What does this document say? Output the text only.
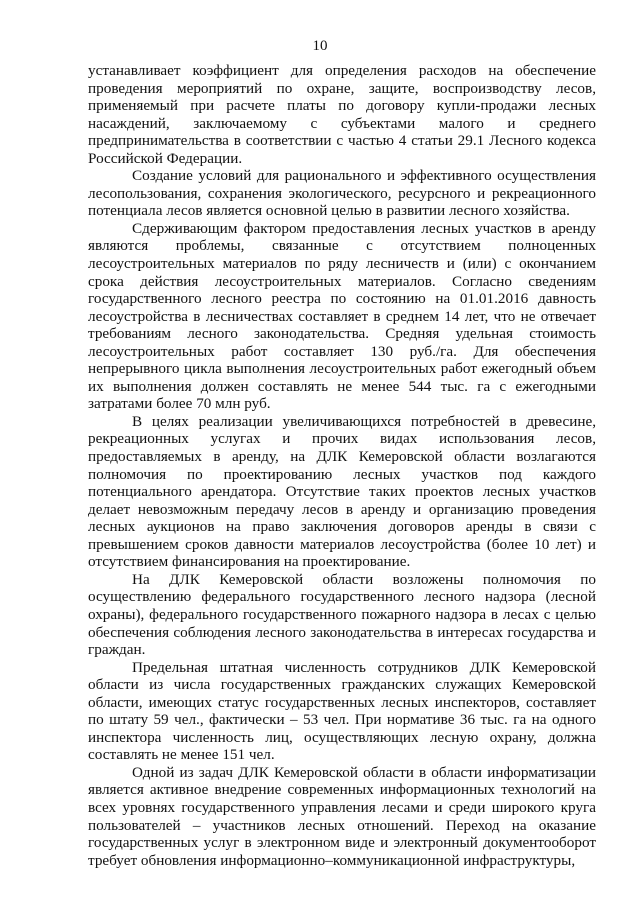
10

устанавливает коэффициент для определения расходов на обеспечение проведения мероприятий по охране, защите, воспроизводству лесов, применяемый при расчете платы по договору купли-продажи лесных насаждений, заключаемому с субъектами малого и среднего предпринимательства в соответствии с частью 4 статьи 29.1 Лесного кодекса Российской Федерации.

Создание условий для рационального и эффективного осуществления лесопользования, сохранения экологического, ресурсного и рекреационного потенциала лесов является основной целью в развитии лесного хозяйства.

Сдерживающим фактором предоставления лесных участков в аренду являются проблемы, связанные с отсутствием полноценных лесоустроительных материалов по ряду лесничеств и (или) с окончанием срока действия лесоустроительных материалов. Согласно сведениям государственного лесного реестра по состоянию на 01.01.2016 давность лесоустройства в лесничествах составляет в среднем 14 лет, что не отвечает требованиям лесного законодательства. Средняя удельная стоимость лесоустроительных работ составляет 130 руб./га. Для обеспечения непрерывного цикла выполнения лесоустроительных работ ежегодный объем их выполнения должен составлять не менее 544 тыс. га с ежегодными затратами более 70 млн руб.

В целях реализации увеличивающихся потребностей в древесине, рекреационных услугах и прочих видах использования лесов, предоставляемых в аренду, на ДЛК Кемеровской области возлагаются полномочия по проектированию лесных участков под каждого потенциального арендатора. Отсутствие таких проектов лесных участков делает невозможным передачу лесов в аренду и организацию проведения лесных аукционов на право заключения договоров аренды в связи с превышением сроков давности материалов лесоустройства (более 10 лет) и отсутствием финансирования на проектирование.

На ДЛК Кемеровской области возложены полномочия по осуществлению федерального государственного лесного надзора (лесной охраны), федерального государственного пожарного надзора в лесах с целью обеспечения соблюдения лесного законодательства в интересах государства и граждан.

Предельная штатная численность сотрудников ДЛК Кемеровской области из числа государственных гражданских служащих Кемеровской области, имеющих статус государственных лесных инспекторов, составляет по штату 59 чел., фактически – 53 чел. При нормативе 36 тыс. га на одного инспектора численность лиц, осуществляющих лесную охрану, должна составлять не менее 151 чел.

Одной из задач ДЛК Кемеровской области в области информатизации является активное внедрение современных информационных технологий на всех уровнях государственного управления лесами и среди широкого круга пользователей – участников лесных отношений. Переход на оказание государственных услуг в электронном виде и электронный документооборот требует обновления информационно–коммуникационной инфраструктуры,
